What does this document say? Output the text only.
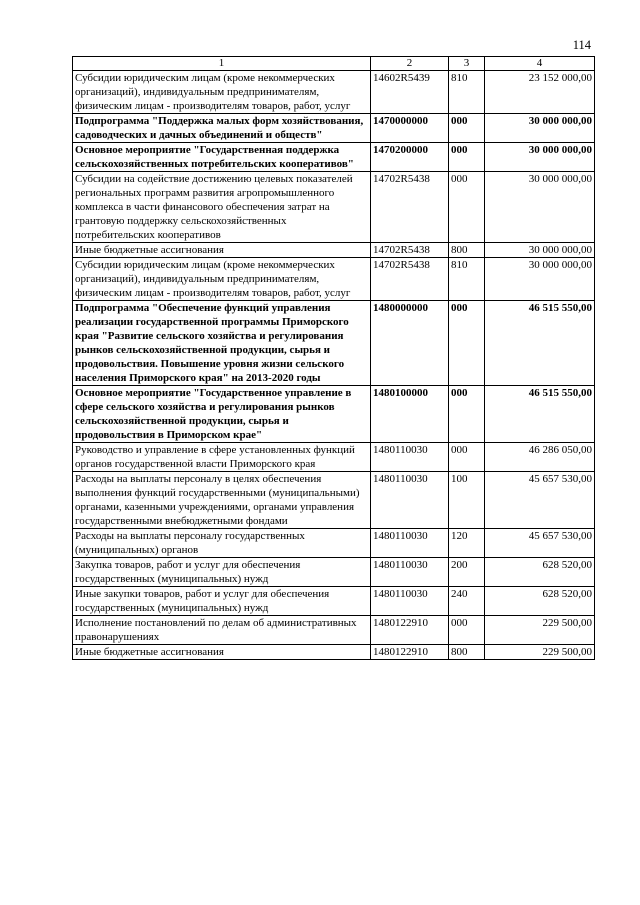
114
1	2	3	4
Субсидии юридическим лицам (кроме некоммерческих организаций), индивидуальным предпринимателям, физическим лицам - производителям товаров, работ, услуг	14602R5439	810	23 152 000,00
Подпрограмма "Поддержка малых форм хозяйствования, садоводческих и дачных объединений и обществ"	1470000000	000	30 000 000,00
Основное мероприятие "Государственная поддержка сельскохозяйственных потребительских кооперативов"	1470200000	000	30 000 000,00
Субсидии на содействие достижению целевых показателей региональных программ развития агропромышленного комплекса в части финансового обеспечения затрат на грантовую поддержку сельскохозяйственных потребительских кооперативов	14702R5438	000	30 000 000,00
Иные бюджетные ассигнования	14702R5438	800	30 000 000,00
Субсидии юридическим лицам (кроме некоммерческих организаций), индивидуальным предпринимателям, физическим лицам - производителям товаров, работ, услуг	14702R5438	810	30 000 000,00
Подпрограмма "Обеспечение функций управления реализации государственной программы Приморского края "Развитие сельского хозяйства и регулирования рынков сельскохозяйственной продукции, сырья и продовольствия. Повышение уровня жизни сельского населения Приморского края" на 2013-2020 годы	1480000000	000	46 515 550,00
Основное мероприятие "Государственное управление в сфере сельского хозяйства и регулирования рынков сельскохозяйственной продукции, сырья и продовольствия в Приморском крае"	1480100000	000	46 515 550,00
Руководство и управление в сфере установленных функций органов государственной власти Приморского края	1480110030	000	46 286 050,00
Расходы на выплаты персоналу в целях обеспечения выполнения функций государственными (муниципальными) органами, казенными учреждениями, органами управления государственными внебюджетными фондами	1480110030	100	45 657 530,00
Расходы на выплаты персоналу государственных (муниципальных) органов	1480110030	120	45 657 530,00
Закупка товаров, работ и услуг для обеспечения государственных (муниципальных) нужд	1480110030	200	628 520,00
Иные закупки товаров, работ и услуг для обеспечения государственных (муниципальных) нужд	1480110030	240	628 520,00
Исполнение постановлений по делам об административных правонарушениях	1480122910	000	229 500,00
Иные бюджетные ассигнования	1480122910	800	229 500,00
